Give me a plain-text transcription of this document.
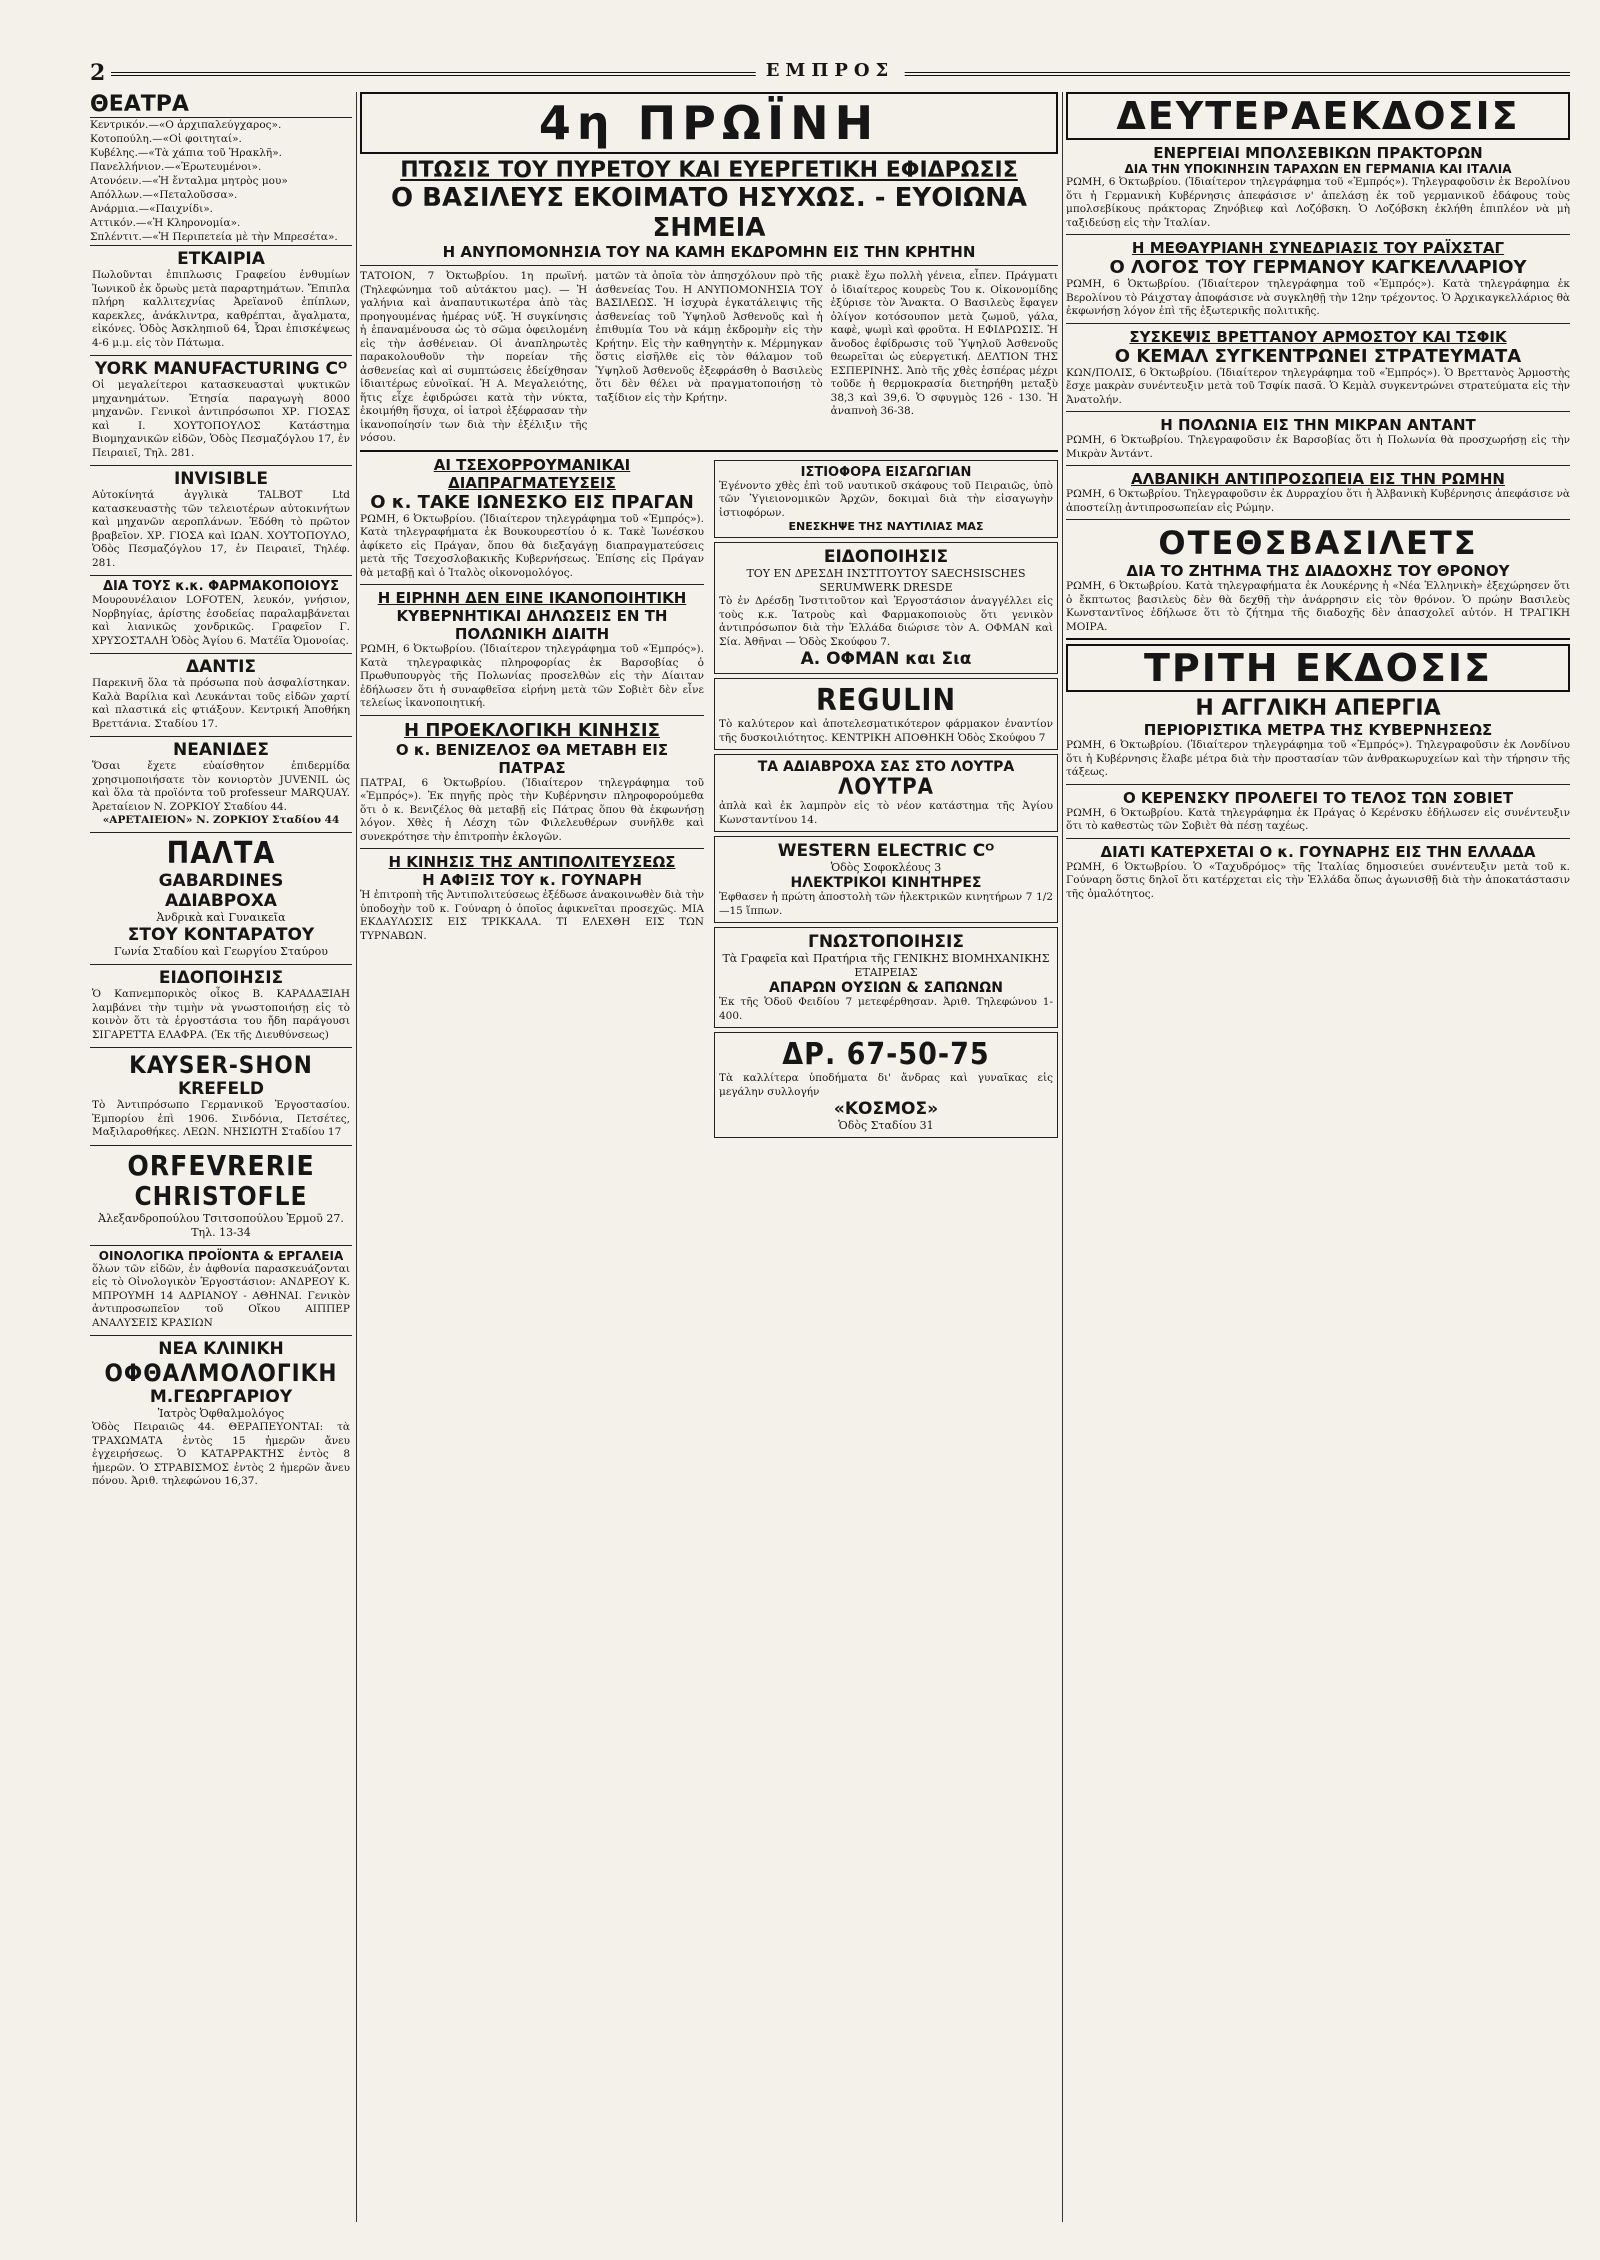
2	ΕΜΠΡΟΣ
ΘΕΑΤΡΑ
Κεντρικόν.—«Ο ἀρχιπαλεύγχαρος».
Κοτοπούλη.—«Οἱ φοιτηταί».
Κυβέλης.—«Τὰ χάπια τοῦ Ἡρακλῆ».
Πανελλήνιον.—«Ἐρωτευμένοι».
Ατονόειν.—«Ἡ ἔνταλμα μητρὸς μου»
Απόλλων.—«Πεταλοῦσσα».
Ανάρμια.—«Παιχνίδι».
Αττικόν.—«Ἡ Κληρονομία».
Σπλέντιτ.—«Ἡ Περιπετεία μὲ τὴν Μπρεσέτα».
ΕΤΚΑΙΡΙΑ
Πωλοῦνται ἐπιπλωσις Γραφείου ἐνθυμίων Ἰωνικοῦ ἐκ ὄρωὺς μετὰ παραρτημάτων. Ἔπιπλα πλήρη καλλιτεχνίας Ἀρεϊανοῦ ἐπίπλων, καρεκλες, ἀνάκλιντρα, καθρέπται, ἄγαλματα, εἰκόνες. Ὁδὸς Ἀσκληπιοῦ 64, Ὧραι ἐπισκέψεως 4-6 μ.μ. εἰς τὸν Πάτωμα.
YORK MANUFACTURING Cᴼ
Οἱ μεγαλείτεροι κατασκευασταὶ ψυκτικῶν μηχανημάτων. Ἐτησία παραγωγὴ 8000 μηχανῶν. Γενικοὶ ἀντιπρόσωποι ΧΡ. ΓΙΟΣΑΣ καὶ Ι. ΧΟΥΤΟΠΟΥΛΟΣ Κατάστημα Βιομηχανικῶν εἰδῶν, Ὁδὸς Πεσμαζόγλου 17, ἐν Πειραιεῖ, Τηλ. 281.
INVISIBLE
Αὐτοκίνητά ἀγγλικὰ TALBOT Ltd κατασκευαστὴς τῶν τελειοτέρων αὐτοκινήτων καὶ μηχανῶν αεροπλάνων. Ἐδόθη τὸ πρῶτον βραβεῖον. ΧΡ. ΓΙΟΣΑ καὶ ΙΩΑΝ. ΧΟΥΤΟΠΟΥΛΟ, Ὁδὸς Πεσμαζόγλου 17, ἐν Πειραιεῖ, Τηλέφ. 281.
ΔΙΑ ΤΟΥΣ κ.κ. ΦΑΡΜΑΚΟΠΟΙΟΥΣ
Μουρουνέλαιον LOFOTEN, λευκόν, γνήσιον, Νορβηγίας, ἀρίστης ἐσοδείας παραλαμβάνεται καὶ λιανικῶς χονδρικῶς. Γραφεῖον Γ. ΧΡΥΣΟΣΤΑΛΗ Ὁδὸς Ἀγίου 6. Ματέϊα Ὁμονοίας.
ΔΑΝΤΙΣ
Παρεκινῆ ὅλα τὰ πρόσωπα ποὺ ἀσφαλίστηκαν. Καλὰ Βαρίλια καὶ Λευκάνται τοῦς εἰδῶν χαρτί καὶ πλαστικά εἰς φτιάξουν. Κεντρική Ἀποθήκη Βρεττάνια. Σταδίου 17.
ΝΕΑΝΙΔΕΣ
Ὅσαι ἔχετε εὐαίσθητον ἐπιδερμίδα χρησιμοποιήσατε τὸν κονιορτὸν JUVENIL ὡς καὶ ὅλα τὰ προϊόντα τοῦ professeur MARQUAY. Ἀρεταίειον Ν. ΖΟΡΚΙΟΥ Σταδίου 44.
«ΑΡΕΤΑΙΕΙΟΝ» Ν. ΖΟΡΚΙΟΥ Σταδίου 44
ΠΑΛΤΑ
GABARDINES
ΑΔΙΑΒΡΟΧΑ
Ἀνδρικὰ καὶ Γυναικεῖα
ΣΤΟΥ ΚΟΝΤΑΡΑΤΟΥ
Γωνία Σταδίου καὶ Γεωργίου Σταύρου
ΕΙΔΟΠΟΙΗΣΙΣ
Ὁ Καπνεμπορικὸς οἶκος Β. ΚΑΡΑΔΑΞΙΑΗ λαμβάνει τὴν τιμὴν νὰ γνωστοποιήσῃ εἰς τὸ κοινὸν ὅτι τὰ ἐργοστάσια του ἤδη παράγουσι ΣΙΓΑΡΕΤΤΑ ΕΛΑΦΡΑ. (Ἐκ τῆς Διευθύνσεως)
KAYSER-SHON
KREFELD
Τὸ Ἀντιπρόσωπο Γερμανικοῦ Ἐργοστασίου. Ἐμπορίου ἐπὶ 1906. Σινδόνια, Πετσέτες, Μαξιλαροθήκες. ΛΕΩΝ. ΝΗΣΙΩΤΗ Σταδίου 17
ORFEVRERIE
CHRISTOFLE
Ἀλεξανδροπούλου Τσιτσοπούλου Ἑρμοῦ 27. Τηλ. 13-34
ΟΙΝΟΛΟΓΙΚΑ ΠΡΟΪΟΝΤΑ & ΕΡΓΑΛΕΙΑ
ὅλων τῶν εἰδῶν, ἐν ἀφθονία παρασκευάζονται εἰς τὸ Οἰνολογικὸν Ἐργοστάσιον: ΑΝΔΡΕΟΥ Κ. ΜΠΡΟΥΜΗ 14 ΑΔΡΙΑΝΟΥ - ΑΘΗΝΑΙ. Γενικὸν ἀντιπροσωπεῖον τοῦ Οἴκου ΑΙΠΠΕΡ ΑΝΑΛΥΣΕΙΣ ΚΡΑΣΙΩΝ
ΝΕΑ ΚΛΙΝΙΚΗ
ΟΦΘΑΛΜΟΛΟΓΙΚΗ
Μ.ΓΕΩΡΓΑΡΙΟΥ
Ἰατρὸς Ὀφθαλμολόγος
Ὁδὸς Πειραιῶς 44. ΘΕΡΑΠΕΥΟΝΤΑΙ: τὰ ΤΡΑΧΩΜΑΤΑ ἐντὸς 15 ἡμερῶν ἄνευ ἐγχειρήσεως. Ὁ ΚΑΤΑΡΡΑΚΤΗΣ ἐντὸς 8 ἡμερῶν. Ὁ ΣΤΡΑΒΙΣΜΟΣ ἐντὸς 2 ἡμερῶν ἄνευ πόνου. Ἀριθ. τηλεφώνου 16,37.
4η ΠΡΩΪΝΗ
ΠΤΩΣΙΣ ΤΟΥ ΠΥΡΕΤΟΥ ΚΑΙ ΕΥΕΡΓΕΤΙΚΗ ΕΦΙΔΡΩΣΙΣ
Ο ΒΑΣΙΛΕΥΣ ΕΚΟΙΜΑΤΟ ΗΣΥΧΩΣ. - ΕΥΟΙΩΝΑ ΣΗΜΕΙΑ
Η ΑΝΥΠΟΜΟΝΗΣΙΑ ΤΟΥ ΝΑ ΚΑΜΗ ΕΚΔΡΟΜΗΝ ΕΙΣ ΤΗΝ ΚΡΗΤΗΝ
ΤΑΤΟΙΟΝ, 7 Ὀκτωβρίου. 1η πρωϊνή. (Τηλεφώνημα τοῦ αὐτάκτου μας). — Ἡ γαλήνια καὶ ἀναπαυτικωτέρα ἀπὸ τὰς προηγουμένας ἡμέρας νύξ. Ἡ συγκίνησις ἡ ἐπαναμένουσα ὡς τὸ σῶμα ὀφειλομένη εἰς τὴν ἀσθένειαν. Οἱ ἀναπληρωτὲς παρακολουθοῦν τὴν πορείαν τῆς ἀσθενείας καὶ αἱ συμπτώσεις ἐδείχθησαν ἰδιαιτέρως εὐνοϊκαί. Ἡ Α. Μεγαλειότης, ἥτις εἶχε ἐφιδρώσει κατὰ τὴν νύκτα, ἐκοιμήθη ἥσυχα, οἱ ἰατροὶ ἐξέφρασαν τὴν ἱκανοποίησίν των διὰ τὴν ἐξέλιξιν τῆς νόσου.
ματῶν τὰ ὁποῖα τὸν ἀπησχόλουν πρὸ τῆς ἀσθενείας Του. Η ΑΝΥΠΟΜΟΝΗΣΙΑ ΤΟΥ ΒΑΣΙΛΕΩΣ. Ἡ ἰσχυρὰ ἐγκατάλειψις τῆς ἀσθενείας τοῦ Ὑψηλοῦ Ἀσθενοῦς καὶ ἡ ἐπιθυμία Του νὰ κάμῃ ἐκδρομὴν εἰς τὴν Κρήτην. Εἰς τὴν καθηγητὴν κ. Μέρμηγκαν ὅστις εἰσῆλθε εἰς τὸν θάλαμον τοῦ Ὑψηλοῦ Ἀσθενοῦς ἐξεφράσθη ὁ Βασιλεὺς ὅτι δὲν θέλει νὰ πραγματοποιήσῃ τὸ ταξίδιον εἰς τὴν Κρήτην.
ριακὲ ἔχω πολλὴ γένεια, εἶπεν. Πράγματι ὁ ἰδιαίτερος κουρεὺς Του κ. Οἰκονομίδης ἐξύρισε τὸν Ἄνακτα. Ο Βασιλεὺς ἔφαγεν ὀλίγον κοτόσουπον μετὰ ζωμοῦ, γάλα, καφὲ, ψωμὶ καὶ φροῦτα. Η ΕΦΙΔΡΩΣΙΣ. Ἡ ἄνοδος ἐφίδρωσις τοῦ Ὑψηλοῦ Ἀσθενοῦς θεωρεῖται ὡς εὐεργετική. ΔΕΛΤΙΟΝ ΤΗΣ ΕΣΠΕΡΙΝΗΣ. Ἀπὸ τῆς χθὲς ἑσπέρας μέχρι τοῦδε ἡ θερμοκρασία διετηρήθη μεταξὺ 38,3 καὶ 39,6. Ὁ σφυγμὸς 126 - 130. Ἡ ἀναπνοὴ 36-38.
ΑΙ ΤΣΕΧΟΡΡΟΥΜΑΝΙΚΑΙ ΔΙΑΠΡΑΓΜΑΤΕΥΣΕΙΣ
Ο κ. ΤΑΚΕ ΙΩΝΕΣΚΟ ΕΙΣ ΠΡΑΓΑΝ
ΡΩΜΗ, 6 Ὀκτωβρίου. (Ἰδιαίτερον τηλεγράφημα τοῦ «Ἐμπρός»). Κατὰ τηλεγραφήματα ἐκ Βουκουρεστίου ὁ κ. Τακὲ Ἰωνέσκου ἀφίκετο εἰς Πράγαν, ὅπου θὰ διεξαγάγῃ διαπραγματεύσεις μετὰ τῆς Τσεχοσλοβακικῆς Κυβερνήσεως. Ἐπίσης εἰς Πράγαν θὰ μεταβῇ καὶ ὁ Ἰταλὸς οἰκονομολόγος.
Η ΕΙΡΗΝΗ ΔΕΝ ΕΙΝΕ ΙΚΑΝΟΠΟΙΗΤΙΚΗ
ΚΥΒΕΡΝΗΤΙΚΑΙ ΔΗΛΩΣΕΙΣ ΕΝ ΤΗ ΠΟΛΩΝΙΚΗ ΔΙΑΙΤΗ
ΡΩΜΗ, 6 Ὀκτωβρίου. (Ἰδιαίτερον τηλεγράφημα τοῦ «Ἐμπρός»). Κατὰ τηλεγραφικὰς πληροφορίας ἐκ Βαρσοβίας ὁ Πρωθυπουργὸς τῆς Πολωνίας προσελθὼν εἰς τὴν Δίαιταν ἐδήλωσεν ὅτι ἡ συναφθεῖσα εἰρήνη μετὰ τῶν Σοβιὲτ δὲν εἶνε τελείως ἱκανοποιητική.
Η ΠΡΟΕΚΛΟΓΙΚΗ ΚΙΝΗΣΙΣ
Ο κ. ΒΕΝΙΖΕΛΟΣ ΘΑ ΜΕΤΑΒΗ ΕΙΣ ΠΑΤΡΑΣ
ΠΑΤΡΑΙ, 6 Ὀκτωβρίου. (Ἰδιαίτερον τηλεγράφημα τοῦ «Ἐμπρός»). Ἐκ πηγῆς πρὸς τὴν Κυβέρνησιν πληροφορούμεθα ὅτι ὁ κ. Βενιζέλος θὰ μεταβῇ εἰς Πάτρας ὅπου θὰ ἐκφωνήσῃ λόγον. Χθὲς ἡ Λέσχη τῶν Φιλελευθέρων συνῆλθε καὶ συνεκρότησε τὴν ἐπιτροπὴν ἐκλογῶν.
Η ΚΙΝΗΣΙΣ ΤΗΣ ΑΝΤΙΠΟΛΙΤΕΥΣΕΩΣ
Η ΑΦΙΞΙΣ ΤΟΥ κ. ΓΟΥΝΑΡΗ
Ἡ ἐπιτροπὴ τῆς Ἀντιπολιτεύσεως ἐξέδωσε ἀνακοινωθὲν διὰ τὴν ὑποδοχὴν τοῦ κ. Γούναρη ὁ ὁποῖος ἀφικνεῖται προσεχῶς. ΜΙΑ ΕΚΔΑΥΛΩΣΙΣ ΕΙΣ ΤΡΙΚΚΑΛΑ. ΤΙ ΕΛΕΧΘΗ ΕΙΣ ΤΩΝ ΤΥΡΝΑΒΩΝ.
ΙΣΤΙΟΦΟΡΑ ΕΙΣΑΓΩΓΙΑΝ
Ἐγένοντο χθὲς ἐπὶ τοῦ ναυτικοῦ σκάφους τοῦ Πειραιῶς, ὑπὸ τῶν Ὑγιειονομικῶν Ἀρχῶν, δοκιμαὶ διὰ τὴν εἰσαγωγὴν ἱστιοφόρων.
ΕΝΕΣΚΗΨΕ ΤΗΣ ΝΑΥΤΙΛΙΑΣ ΜΑΣ
ΕΙΔΟΠΟΙΗΣΙΣ
ΤΟΥ ΕΝ ΔΡΕΣΔΗ ΙΝΣΤΙΤΟΥΤΟΥ SAECHSISCHES SERUMWERK DRESDE
Τὸ ἐν Δρέσδῃ Ἰνστιτοῦτον καὶ Ἐργοστάσιον ἀναγγέλλει εἰς τοὺς κ.κ. Ἰατροὺς καὶ Φαρμακοποιοὺς ὅτι γενικὸν ἀντιπρόσωπον διὰ τὴν Ἑλλάδα διώρισε τὸν Α. ΟΦΜΑΝ καὶ Σία. Ἀθῆναι — Ὁδὸς Σκούφου 7.
Α. ΟΦΜΑΝ και Σια
REGULIN
Τὸ καλύτερον καὶ ἀποτελεσματικότερον φάρμακον ἐναντίον τῆς δυσκοιλιότητος. ΚΕΝΤΡΙΚΗ ΑΠΟΘΗΚΗ Ὁδὸς Σκούφου 7
ΤΑ ΑΔΙΑΒΡΟΧΑ ΣΑΣ ΣΤΟ ΛΟΥΤΡΑ
ΛΟΥΤΡΑ
ἀπλὰ καὶ ἐκ λαμπρὸν εἰς τὸ νέον κατάστημα τῆς Ἀγίου Κωνσταντίνου 14.
WESTERN ELECTRIC Cᴼ
Ὁδὸς Σοφοκλέους 3
ΗΛΕΚΤΡΙΚΟΙ ΚΙΝΗΤΗΡΕΣ
Ἐφθασεν ἡ πρώτη ἀποστολὴ τῶν ἠλεκτρικῶν κινητήρων 7 1/2—15 ἵππων.
ΓΝΩΣΤΟΠΟΙΗΣΙΣ
Τὰ Γραφεῖα καὶ Πρατήρια τῆς ΓΕΝΙΚΗΣ ΒΙΟΜΗΧΑΝΙΚΗΣ ΕΤΑΙΡΕΙΑΣ
ΑΠΑΡΩΝ ΟΥΣΙΩΝ & ΣΑΠΩΝΩΝ
Ἐκ τῆς Ὁδοῦ Φειδίου 7 μετεφέρθησαν. Ἀριθ. Τηλεφώνου 1-400.
ΔΡ. 67-50-75
Τὰ καλλίτερα ὑποδήματα δι' ἄνδρας καὶ γυναῖκας εἰς μεγάλην συλλογήν
«ΚΟΣΜΟΣ»
Ὁδὸς Σταδίου 31
ΔΕΥΤΕΡΑΕΚΔΟΣΙΣ
ΕΝΕΡΓΕΙΑΙ ΜΠΟΛΣΕΒΙΚΩΝ ΠΡΑΚΤΟΡΩΝ
ΔΙΑ ΤΗΝ ΥΠΟΚΙΝΗΣΙΝ ΤΑΡΑΧΩΝ ΕΝ ΓΕΡΜΑΝΙΑ ΚΑΙ ΙΤΑΛΙΑ
ΡΩΜΗ, 6 Ὀκτωβρίου. (Ἰδιαίτερον τηλεγράφημα τοῦ «Ἐμπρός»). Τηλεγραφοῦσιν ἐκ Βερολίνου ὅτι ἡ Γερμανικὴ Κυβέρνησις ἀπεφάσισε ν' ἀπελάσῃ ἐκ τοῦ γερμανικοῦ ἐδάφους τοὺς μπολσεβίκους πράκτορας Ζηνόβιεφ καὶ Λοζόβσκη. Ὁ Λοζόβσκη ἐκλήθη ἐπιπλέον νὰ μὴ ταξιδεύσῃ εἰς τὴν Ἰταλίαν.
Η ΜΕΘΑΥΡΙΑΝΗ ΣΥΝΕΔΡΙΑΣΙΣ ΤΟΥ ΡΑΪΧΣΤΑΓ
Ο ΛΟΓΟΣ ΤΟΥ ΓΕΡΜΑΝΟΥ ΚΑΓΚΕΛΛΑΡΙΟΥ
ΡΩΜΗ, 6 Ὀκτωβρίου. (Ἰδιαίτερον τηλεγράφημα τοῦ «Ἐμπρός»). Κατὰ τηλεγράφημα ἐκ Βερολίνου τὸ Ράιχσταγ ἀποφάσισε νὰ συγκληθῇ τὴν 12ην τρέχοντος. Ὁ Ἀρχικαγκελλάριος θὰ ἐκφωνήσῃ λόγον ἐπὶ τῆς ἐξωτερικῆς πολιτικῆς.
ΣΥΣΚΕΨΙΣ ΒΡΕΤΤΑΝΟΥ ΑΡΜΟΣΤΟΥ ΚΑΙ ΤΣΦΙΚ
Ο ΚΕΜΑΛ ΣΥΓΚΕΝΤΡΩΝΕΙ ΣΤΡΑΤΕΥΜΑΤΑ
ΚΩΝ/ΠΟΛΙΣ, 6 Ὀκτωβρίου. (Ἰδιαίτερον τηλεγράφημα τοῦ «Ἐμπρός»). Ὁ Βρεττανὸς Ἁρμοστὴς ἔσχε μακρὰν συνέντευξιν μετὰ τοῦ Τσφίκ πασᾶ. Ὁ Κεμὰλ συγκεντρώνει στρατεύματα εἰς τὴν Ἀνατολήν.
Η ΠΟΛΩΝΙΑ ΕΙΣ ΤΗΝ ΜΙΚΡΑΝ ΑΝΤΑΝΤ
ΡΩΜΗ, 6 Ὀκτωβρίου. Τηλεγραφοῦσιν ἐκ Βαρσοβίας ὅτι ἡ Πολωνία θὰ προσχωρήσῃ εἰς τὴν Μικρὰν Ἀντάντ.
ΑΛΒΑΝΙΚΗ ΑΝΤΙΠΡΟΣΩΠΕΙΑ ΕΙΣ ΤΗΝ ΡΩΜΗΝ
ΡΩΜΗ, 6 Ὀκτωβρίου. Τηλεγραφοῦσιν ἐκ Δυρραχίου ὅτι ἡ Ἀλβανικὴ Κυβέρνησις ἀπεφάσισε νὰ ἀποστείλῃ ἀντιπροσωπείαν εἰς Ρώμην.
ΟΤΕΘΣΒΑΣΙΛΕΤΣ
ΔΙΑ ΤΟ ΖΗΤΗΜΑ ΤΗΣ ΔΙΑΔΟΧΗΣ ΤΟΥ ΘΡΟΝΟΥ
ΡΩΜΗ, 6 Ὀκτωβρίου. Κατὰ τηλεγραφήματα ἐκ Λουκέρνης ἡ «Νέα Ἑλληνικὴ» ἐξεχώρησεν ὅτι ὁ ἔκπτωτος βασιλεὺς δὲν θὰ δεχθῇ τὴν ἀνάρρησιν εἰς τὸν θρόνον. Ὁ πρώην Βασιλεὺς Κωνσταντῖνος ἐδήλωσε ὅτι τὸ ζήτημα τῆς διαδοχῆς δὲν ἀπασχολεῖ αὐτόν. Η ΤΡΑΓΙΚΗ ΜΟΙΡΑ.
ΤΡΙΤΗ ΕΚΔΟΣΙΣ
Η ΑΓΓΛΙΚΗ ΑΠΕΡΓΙΑ
ΠΕΡΙΟΡΙΣΤΙΚΑ ΜΕΤΡΑ ΤΗΣ ΚΥΒΕΡΝΗΣΕΩΣ
ΡΩΜΗ, 6 Ὀκτωβρίου. (Ἰδιαίτερον τηλεγράφημα τοῦ «Ἐμπρός»). Τηλεγραφοῦσιν ἐκ Λονδίνου ὅτι ἡ Κυβέρνησις ἔλαβε μέτρα διὰ τὴν προστασίαν τῶν ἀνθρακωρυχείων καὶ τὴν τήρησιν τῆς τάξεως.
Ο ΚΕΡΕΝΣΚΥ ΠΡΟΛΕΓΕΙ ΤΟ ΤΕΛΟΣ ΤΩΝ ΣΟΒΙΕΤ
ΡΩΜΗ, 6 Ὀκτωβρίου. Κατὰ τηλεγράφημα ἐκ Πράγας ὁ Κερένσκυ ἐδήλωσεν εἰς συνέντευξιν ὅτι τὸ καθεστὼς τῶν Σοβιὲτ θὰ πέσῃ ταχέως.
ΔΙΑΤΙ ΚΑΤΕΡΧΕΤΑΙ Ο κ. ΓΟΥΝΑΡΗΣ ΕΙΣ ΤΗΝ ΕΛΛΑΔΑ
ΡΩΜΗ, 6 Ὀκτωβρίου. Ὁ «Ταχυδρόμος» τῆς Ἰταλίας δημοσιεύει συνέντευξιν μετὰ τοῦ κ. Γούναρη ὅστις δηλοῖ ὅτι κατέρχεται εἰς τὴν Ἑλλάδα ὅπως ἀγωνισθῇ διὰ τὴν ἀποκατάστασιν τῆς ὁμαλότητος.
